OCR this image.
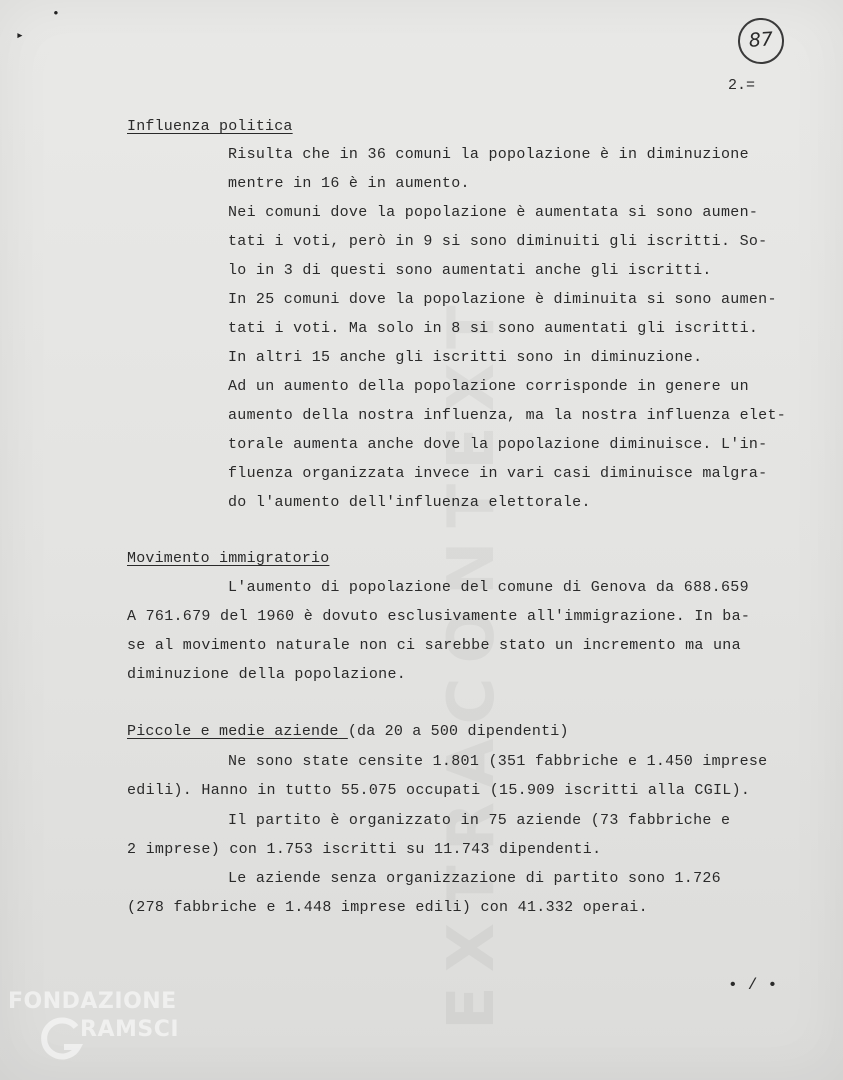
•
▸	87
2.=
Influenza politica
Risulta che in 36 comuni la popolazione è in diminuzione
mentre in 16 è in aumento.
Nei comuni dove la popolazione è aumentata si sono aumen-
tati i voti, però in 9 si sono diminuiti gli iscritti. So-
lo in 3 di questi sono aumentati anche gli iscritti.
In 25 comuni dove la popolazione è diminuita si sono aumen-
tati i voti. Ma solo in 8 si sono aumentati gli iscritti.
In altri 15 anche gli iscritti sono in diminuzione.
Ad un aumento della popolazione corrisponde in genere un
aumento della nostra influenza, ma la nostra influenza elet-
torale aumenta anche dove la popolazione diminuisce. L'in-
fluenza organizzata invece in vari casi diminuisce malgra-
do l'aumento dell'influenza elettorale.
Movimento immigratorio
L'aumento di popolazione del comune di Genova da 688.659
A 761.679 del 1960 è dovuto esclusivamente all'immigrazione. In ba-
se al movimento naturale non ci sarebbe stato un incremento ma una
diminuzione della popolazione.
Piccole e medie aziende (da 20 a 500 dipendenti)
Ne sono state censite 1.801 (351 fabbriche e 1.450 imprese
edili). Hanno in tutto 55.075 occupati (15.909 iscritti alla CGIL).
Il partito è organizzato in 75 aziende (73 fabbriche e
2 imprese) con 1.753 iscritti su 11.743 dipendenti.
Le aziende senza organizzazione di partito sono 1.726
(278 fabbriche e 1.448 imprese edili) con 41.332 operai.
• / •
FONDAZIONE
RAMSCI
